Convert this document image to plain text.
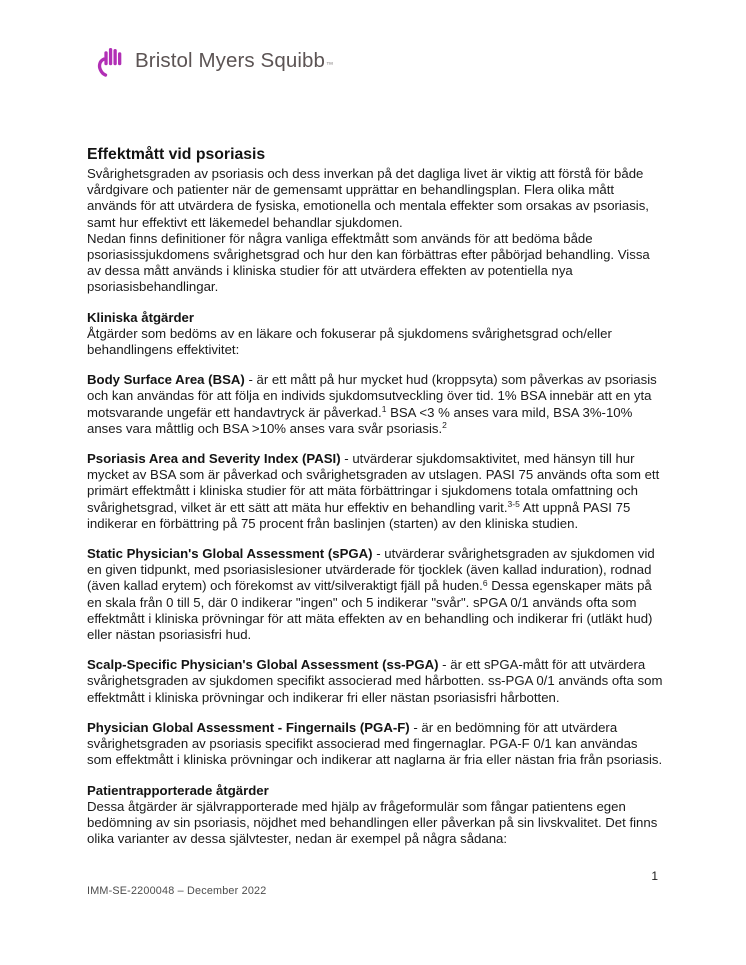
Bristol Myers Squibb™
Effektmått vid psoriasis

Svårighetsgraden av psoriasis och dess inverkan på det dagliga livet är viktig att förstå för både vårdgivare och patienter när de gemensamt upprättar en behandlingsplan. Flera olika mått används för att utvärdera de fysiska, emotionella och mentala effekter som orsakas av psoriasis, samt hur effektivt ett läkemedel behandlar sjukdomen.

Nedan finns definitioner för några vanliga effektmått som används för att bedöma både psoriasissjukdomens svårighetsgrad och hur den kan förbättras efter påbörjad behandling. Vissa av dessa mått används i kliniska studier för att utvärdera effekten av potentiella nya psoriasisbehandlingar.

Kliniska åtgärder

Åtgärder som bedöms av en läkare och fokuserar på sjukdomens svårighetsgrad och/eller behandlingens effektivitet:

Body Surface Area (BSA) - är ett mått på hur mycket hud (kroppsyta) som påverkas av psoriasis och kan användas för att följa en individs sjukdomsutveckling över tid. 1% BSA innebär att en yta motsvarande ungefär ett handavtryck är påverkad.$^1$ BSA <3 % anses vara mild, BSA 3%-10% anses vara måttlig och BSA >10% anses vara svår psoriasis.$^2$

Psoriasis Area and Severity Index (PASI) - utvärderar sjukdomsaktivitet, med hänsyn till hur mycket av BSA som är påverkad och svårighetsgraden av utslagen. PASI 75 används ofta som ett primärt effektmått i kliniska studier för att mäta förbättringar i sjukdomens totala omfattning och svårighetsgrad, vilket är ett sätt att mäta hur effektiv en behandling varit.$^{3-5}$ Att uppnå PASI 75 indikerar en förbättring på 75 procent från baslinjen (starten) av den kliniska studien.

Static Physician's Global Assessment (sPGA) - utvärderar svårighetsgraden av sjukdomen vid en given tidpunkt, med psoriasislesioner utvärderade för tjocklek (även kallad induration), rodnad (även kallad erytem) och förekomst av vitt/silveraktigt fjäll på huden.$^6$ Dessa egenskaper mäts på en skala från 0 till 5, där 0 indikerar "ingen" och 5 indikerar "svår". sPGA 0/1 används ofta som effektmått i kliniska prövningar för att mäta effekten av en behandling och indikerar fri (utläkt hud) eller nästan psoriasisfri hud.

Scalp-Specific Physician's Global Assessment (ss-PGA) - är ett sPGA-mått för att utvärdera svårighetsgraden av sjukdomen specifikt associerad med hårbotten. ss-PGA 0/1 används ofta som effektmått i kliniska prövningar och indikerar fri eller nästan psoriasisfri hårbotten.

Physician Global Assessment - Fingernails (PGA-F) - är en bedömning för att utvärdera svårighetsgraden av psoriasis specifikt associerad med fingernaglar. PGA-F 0/1 kan användas som effektmått i kliniska prövningar och indikerar att naglarna är fria eller nästan fria från psoriasis.

Patientrapporterade åtgärder

Dessa åtgärder är självrapporterade med hjälp av frågeformulär som fångar patientens egen bedömning av sin psoriasis, nöjdhet med behandlingen eller påverkan på sin livskvalitet. Det finns olika varianter av dessa självtester, nedan är exempel på några sådana:

1
IMM-SE-2200048 – December 2022
